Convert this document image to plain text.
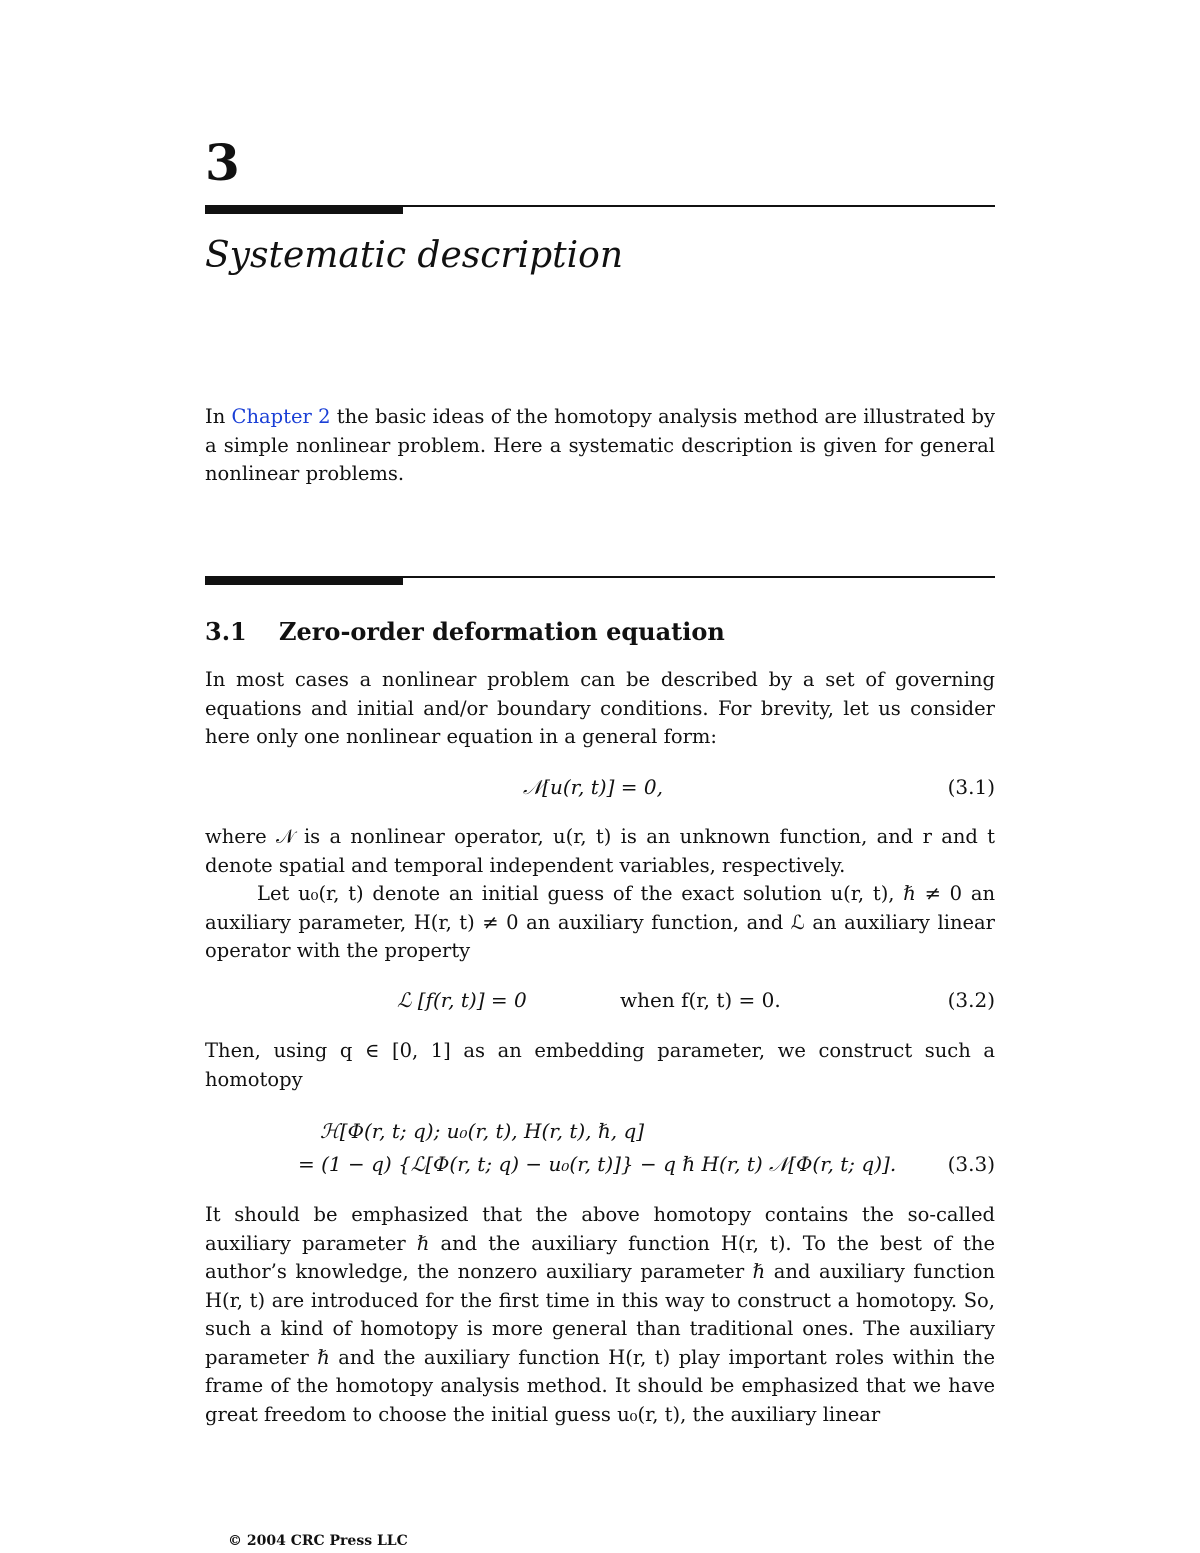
3
Systematic description
In Chapter 2 the basic ideas of the homotopy analysis method are illustrated by a simple nonlinear problem. Here a systematic description is given for general nonlinear problems.
3.1 Zero-order deformation equation
In most cases a nonlinear problem can be described by a set of governing equations and initial and/or boundary conditions. For brevity, let us consider here only one nonlinear equation in a general form:
𝒩[u(r, t)] = 0,	(3.1)
where 𝒩 is a nonlinear operator, u(r, t) is an unknown function, and r and t denote spatial and temporal independent variables, respectively.
Let u₀(r, t) denote an initial guess of the exact solution u(r, t), ℏ ≠ 0 an auxiliary parameter, H(r, t) ≠ 0 an auxiliary function, and ℒ an auxiliary linear operator with the property
ℒ [f(r, t)] = 0	when f(r, t) = 0.	(3.2)
Then, using q ∈ [0, 1] as an embedding parameter, we construct such a homotopy
ℋ[Φ(r, t; q); u₀(r, t), H(r, t), ℏ, q]
= (1 − q) {ℒ[Φ(r, t; q) − u₀(r, t)]} − q ℏ H(r, t) 𝒩[Φ(r, t; q)].	(3.3)
It should be emphasized that the above homotopy contains the so-called auxiliary parameter ℏ and the auxiliary function H(r, t). To the best of the author’s knowledge, the nonzero auxiliary parameter ℏ and auxiliary function H(r, t) are introduced for the first time in this way to construct a homotopy. So, such a kind of homotopy is more general than traditional ones. The auxiliary parameter ℏ and the auxiliary function H(r, t) play important roles within the frame of the homotopy analysis method. It should be emphasized that we have great freedom to choose the initial guess u₀(r, t), the auxiliary linear
© 2004 CRC Press LLC
